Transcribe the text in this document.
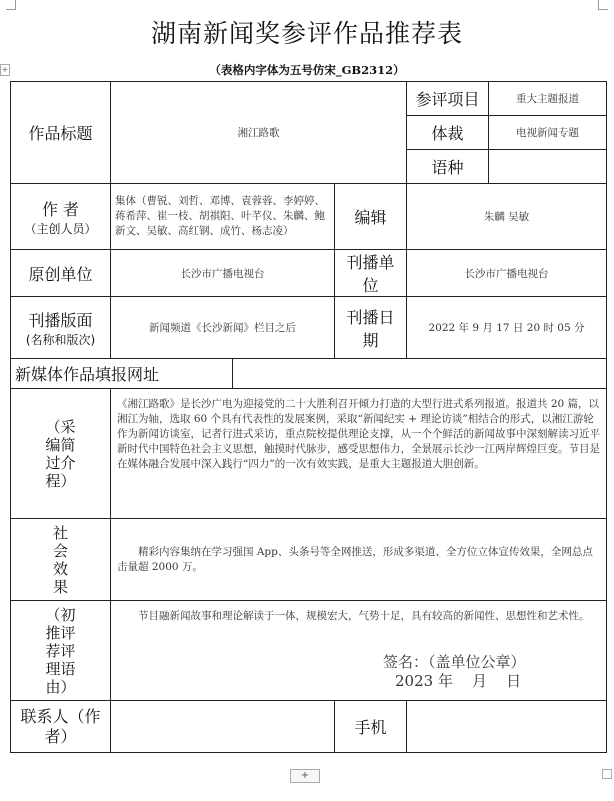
+
湖南新闻奖参评作品推荐表
（表格内字体为五号仿宋_GB2312）
作品标题	湘江路歌			参评项目	重大主题报道
				体裁	电视新闻专题
				语种	

作 者
（主创人员）	集体（曹锐、刘哲、邓博、袁蓉蓉、李婷婷、蒋希萍、崔一枝、胡祺阳、叶芊仪、朱麟、鲍新文、吴敏、高红钢、成竹、杨志凌）		编辑	朱麟 吴敏	
原创单位	长沙市广播电视台		刊播单位	长沙市广播电视台	

刊播版面
(名称和版次)	新闻频道《长沙新闻》栏目之后		刊播日期	2022 年 9 月 17 日 20 时 05 分	
新媒体作品填报网址					

（采编简过介程）	《湘江路歌》是长沙广电为迎接党的二十大胜利召开倾力打造的大型行进式系列报道。报道共 20 篇，以湘江为轴，选取 60 个具有代表性的发展案例，采取“新闻纪实 + 理论访谈”相结合的形式，以湘江游轮作为新闻访谈室，记者行进式采访，重点院校提供理论支撑，从一个个鲜活的新闻故事中深刻解读习近平新时代中国特色社会主义思想，触摸时代脉步，感受思想伟力，全景展示长沙一江两岸辉煌巨变。节目是在媒体融合发展中深入践行“四力”的一次有效实践，是重大主题报道大胆创新。				

社会效果	精彩内容集纳在学习强国 App、头条号等全网推送，形成多渠道、全方位立体宣传效果，全网总点击量超 2000 万。				

（初推评荐评理语由）	节目融新闻故事和理论解读于一体，规模宏大，气势十足，具有较高的新闻性、思想性和艺术性。
签名：（盖单位公章）
2023 年    月    日				

联系人（作者）			手机		
+
